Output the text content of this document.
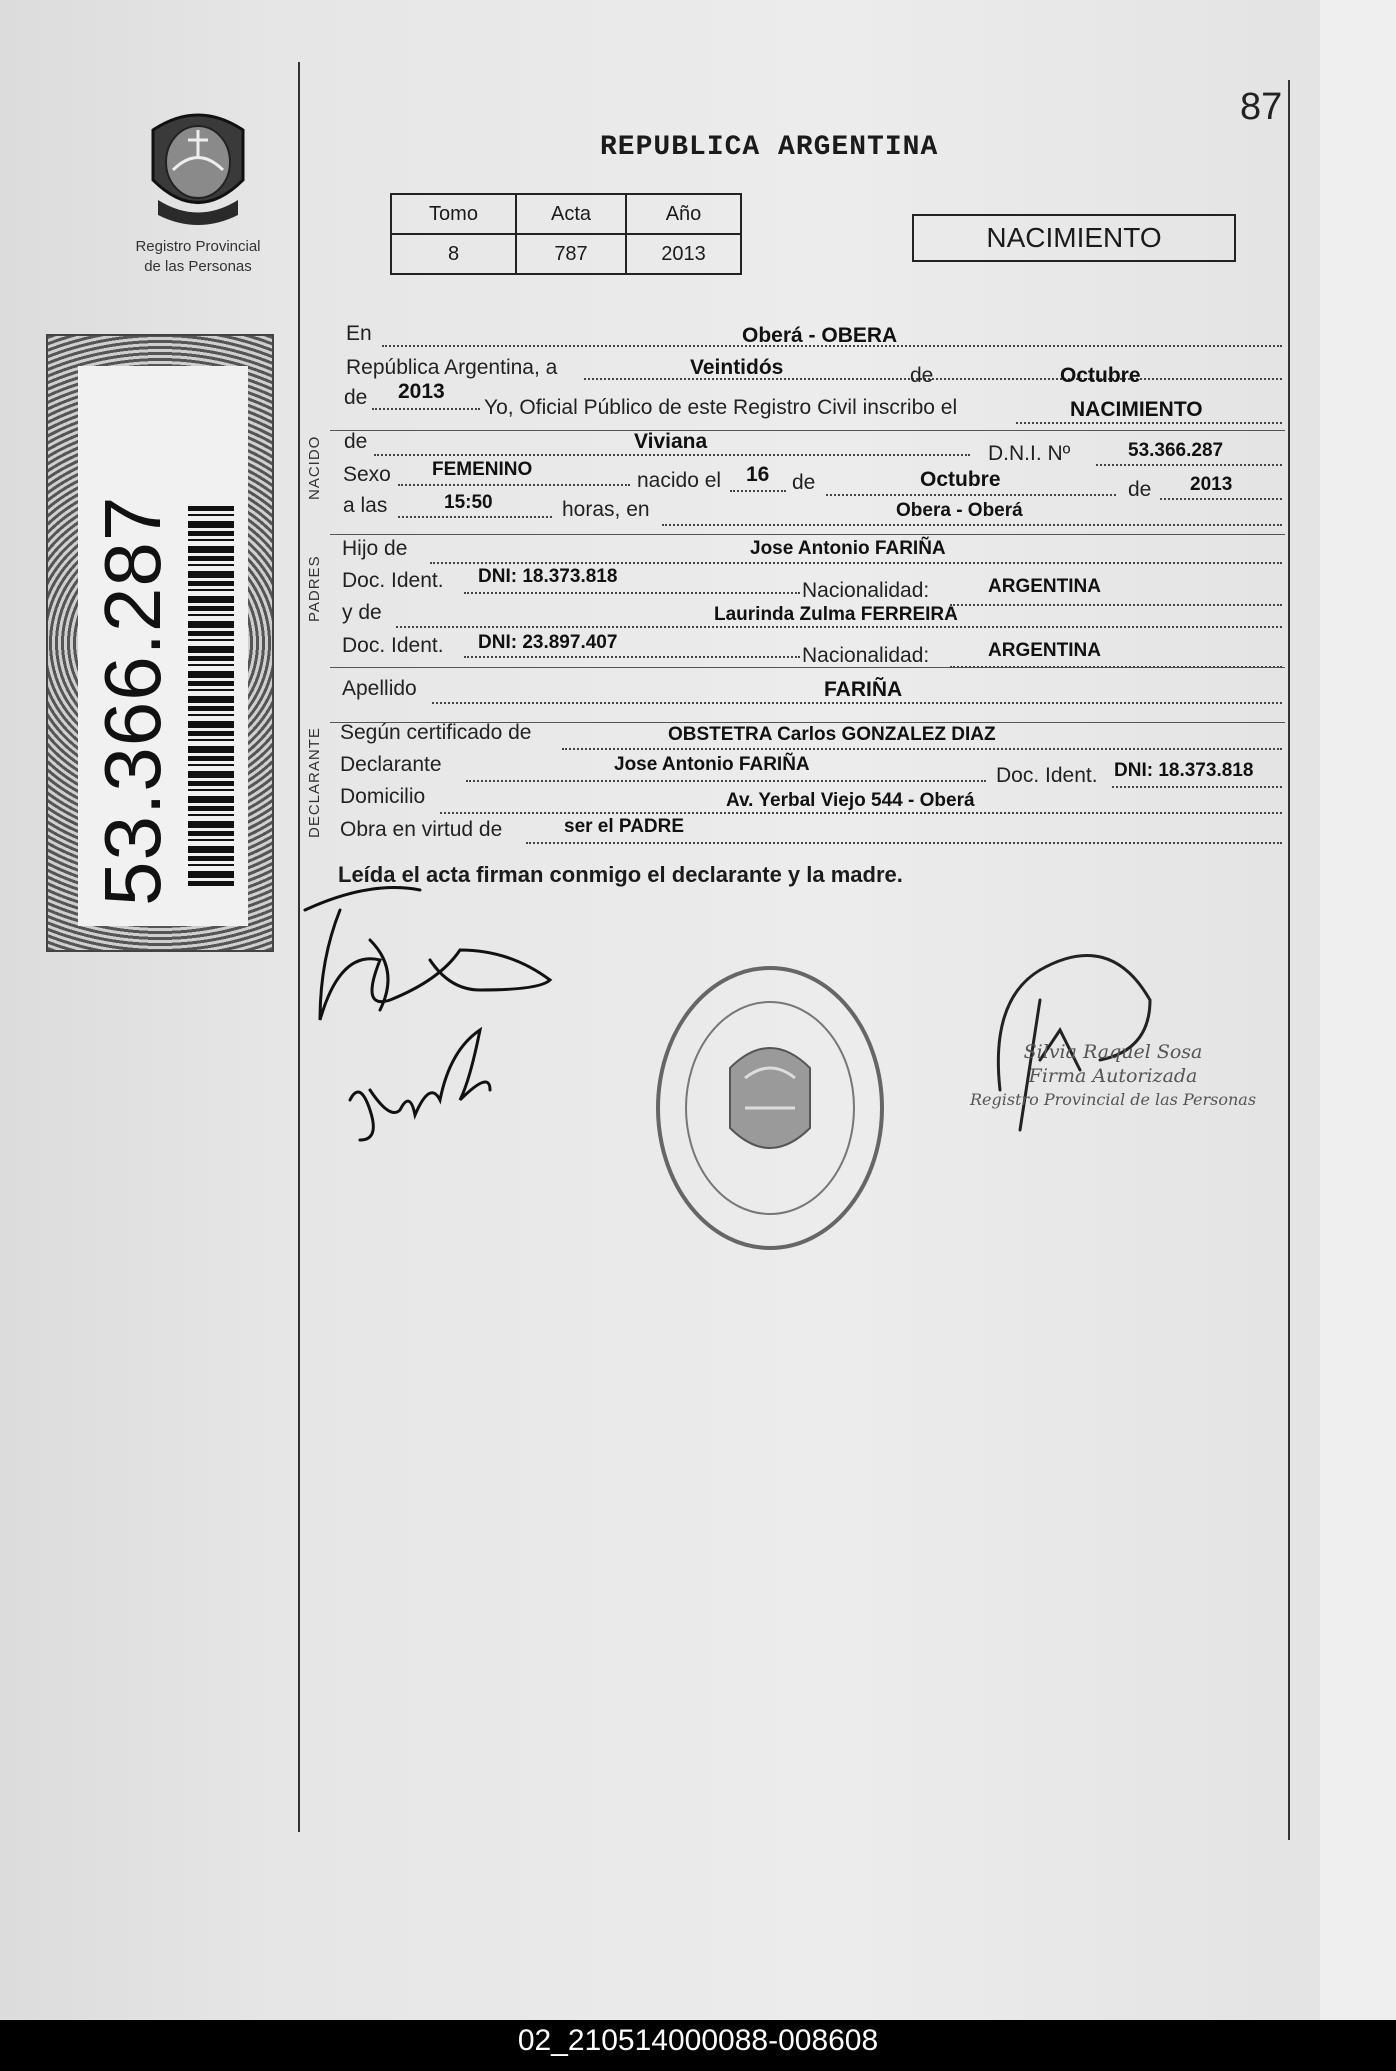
Registro Provincial
de las Personas
87
REPUBLICA ARGENTINA
Tomo	Acta	Año
8	787	2013
NACIMIENTO
53.366.287
NACIDO
PADRES
DECLARANTE
En	Oberá - OBERA
República Argentina, a	Veintidós	de	Octubre
de 2013
Yo, Oficial Público de este Registro Civil inscribo el	NACIMIENTO
de	Viviana
D.N.I. Nº	53.366.287
Sexo FEMENINO	nacido el 16 de	Octubre	de 2013
a las	15:50	horas, en	Obera - Oberá
Hijo de	Jose Antonio FARIÑA
Doc. Ident. DNI: 18.373.818
Nacionalidad:	ARGENTINA
y de	Laurinda Zulma FERREIRA
Doc. Ident. DNI: 23.897.407
Nacionalidad:	ARGENTINA
Apellido	FARIÑA
Según certificado de	OBSTETRA Carlos GONZALEZ DIAZ
Declarante	Jose Antonio FARIÑA	Doc. Ident. DNI: 18.373.818
Domicilio	Av. Yerbal Viejo 544 - Oberá
Obra en virtud de	ser el PADRE
Leída el acta firman conmigo el declarante y la madre.
Silvia Raquel Sosa
Firma Autorizada
Registro Provincial de las Personas
02_210514000088-008608
